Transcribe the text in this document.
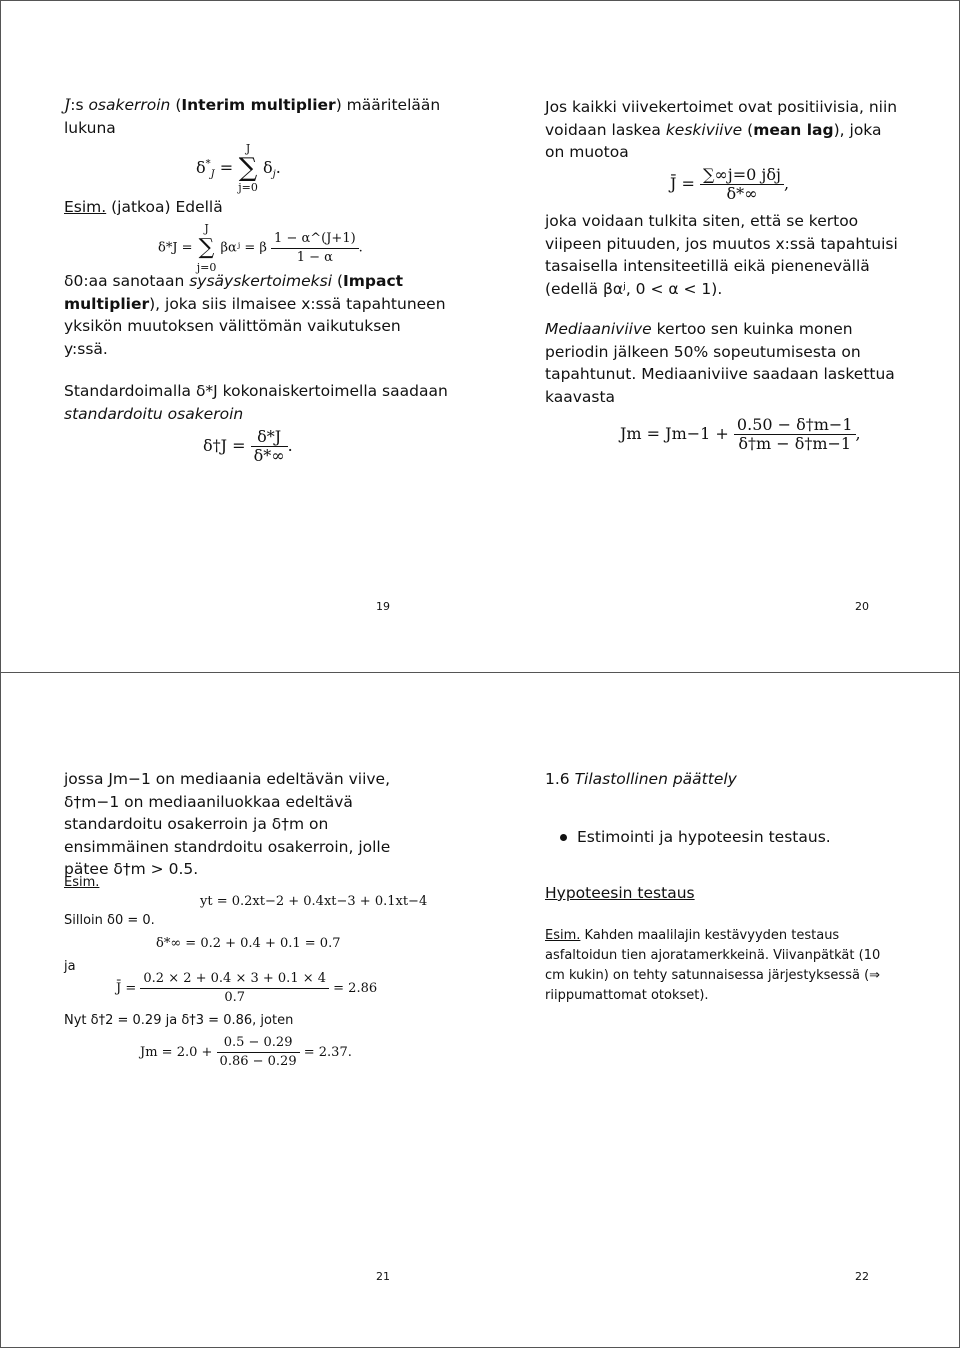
J:s osakerroin (Interim multiplier) määritelään lukuna

$\delta^*_J$ =
J
∑
j=0
$\delta_j$.
Esim. (jatkoa) Edellä
δ*J =
J
∑
j=0
βαʲ = β $\frac{1 - \alpha\^{}(J+1)}{1 - \alpha}$ .

δ0:aa sanotaan sysäyskertoimeksi (Impact multiplier), joka siis ilmaisee x:ssä tapahtuneen yksikön muutoksen välittömän vaikutuksen y:ssä.

Standardoimalla δ*J kokonaiskertoimella saadaan standardoitu osakeroin

δ†J = $\frac{\delta*J}{\delta*\infty}$ .
19

Jos kaikki viivekertoimet ovat positiivisia, niin voidaan laskea keskiviive (mean lag), joka on muotoa

J̄ = $\frac{\text{∑∞j=0 jδj}}{\delta*\infty}$ ,

joka voidaan tulkita siten, että se kertoo viipeen pituuden, jos muutos x:ssä tapahtuisi tasaisella intensiteetillä eikä pienenevällä (edellä βαʲ, 0 < α < 1).

Mediaaniviive kertoo sen kuinka monen periodin jälkeen 50% sopeutumisesta on tapahtunut. Mediaaniviive saadaan laskettua kaavasta

$Jm = Jm-1 + \frac{0.50 - \delta\dagger m-1}{\delta\dagger m - \delta\dagger m-1}$ ,
20

jossa Jm−1 on mediaania edeltävän viive, δ†m−1 on mediaaniluokkaa edeltävä standardoitu osakerroin ja δ†m on ensimmäinen standrdoitu osakerroin, jolle pätee δ†m > 0.5.

Esim.
yt = 0.2xt−2 + 0.4xt−3 + 0.1xt−4
Silloin δ0 = 0.
δ*∞ = 0.2 + 0.4 + 0.1 = 0.7
ja
J̄ = $\frac{0.2 \times 2 + 0.4 \times 3 + 0.1 \times 4}{0.7} = 2.86$
Nyt δ†2 = 0.29 ja δ†3 = 0.86, joten
$Jm = 2.0 + \frac{0.5 - 0.29}{0.86 - 0.29} = 2.37$.
21
1.6 Tilastollinen päättely
Estimointi ja hypoteesin testaus.
Hypoteesin testaus

Esim. Kahden maalilajin kestävyyden testaus asfaltoidun tien ajoratamerkkeinä. Viivanpätkät (10 cm kukin) on tehty satunnaisessa järjestyksessä (⇒ riippumattomat otokset).

22
